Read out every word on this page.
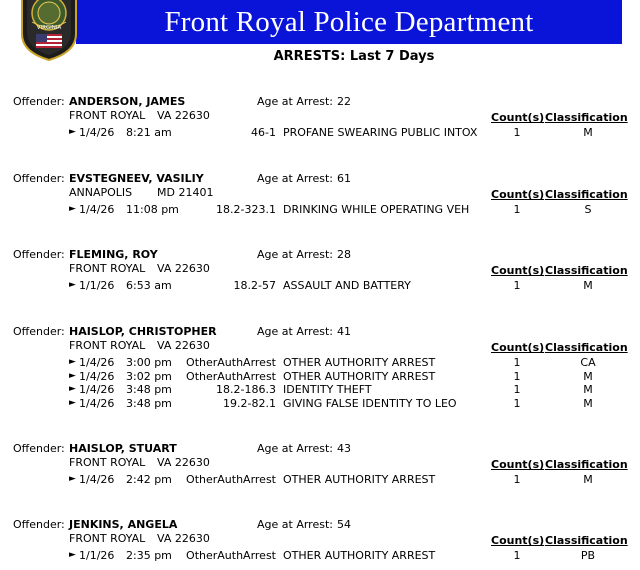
Front Royal Police Department
VIRGINIA
ARRESTS: Last 7 Days
Offender: ANDERSON, JAMES	Age at Arrest: 22
FRONT ROYAL VA 22630	Count(s) Classification
► 1/4/26 8:21 am	46-1 PROFANE SWEARING PUBLIC INTOX	1	M
Offender: EVSTEGNEEV, VASILIY	Age at Arrest: 61
ANNAPOLIS MD 21401	Count(s) Classification
► 1/4/26 11:08 pm	18.2-323.1 DRINKING WHILE OPERATING VEH	1	S
Offender: FLEMING, ROY	Age at Arrest: 28
FRONT ROYAL VA 22630	Count(s) Classification
► 1/1/26 6:53 am	18.2-57 ASSAULT AND BATTERY	1	M
Offender: HAISLOP, CHRISTOPHER	Age at Arrest: 41
FRONT ROYAL VA 22630	Count(s) Classification
► 1/4/26 3:00 pm	OtherAuthArrest OTHER AUTHORITY ARREST	1	CA
► 1/4/26 3:02 pm	OtherAuthArrest OTHER AUTHORITY ARREST	1	M
► 1/4/26 3:48 pm	18.2-186.3 IDENTITY THEFT	1	M
► 1/4/26 3:48 pm	19.2-82.1 GIVING FALSE IDENTITY TO LEO	1	M
Offender: HAISLOP, STUART	Age at Arrest: 43
FRONT ROYAL VA 22630	Count(s) Classification
► 1/4/26 2:42 pm	OtherAuthArrest OTHER AUTHORITY ARREST	1	M
Offender: JENKINS, ANGELA	Age at Arrest: 54
FRONT ROYAL VA 22630	Count(s) Classification
► 1/1/26 2:35 pm	OtherAuthArrest OTHER AUTHORITY ARREST	1	PB
